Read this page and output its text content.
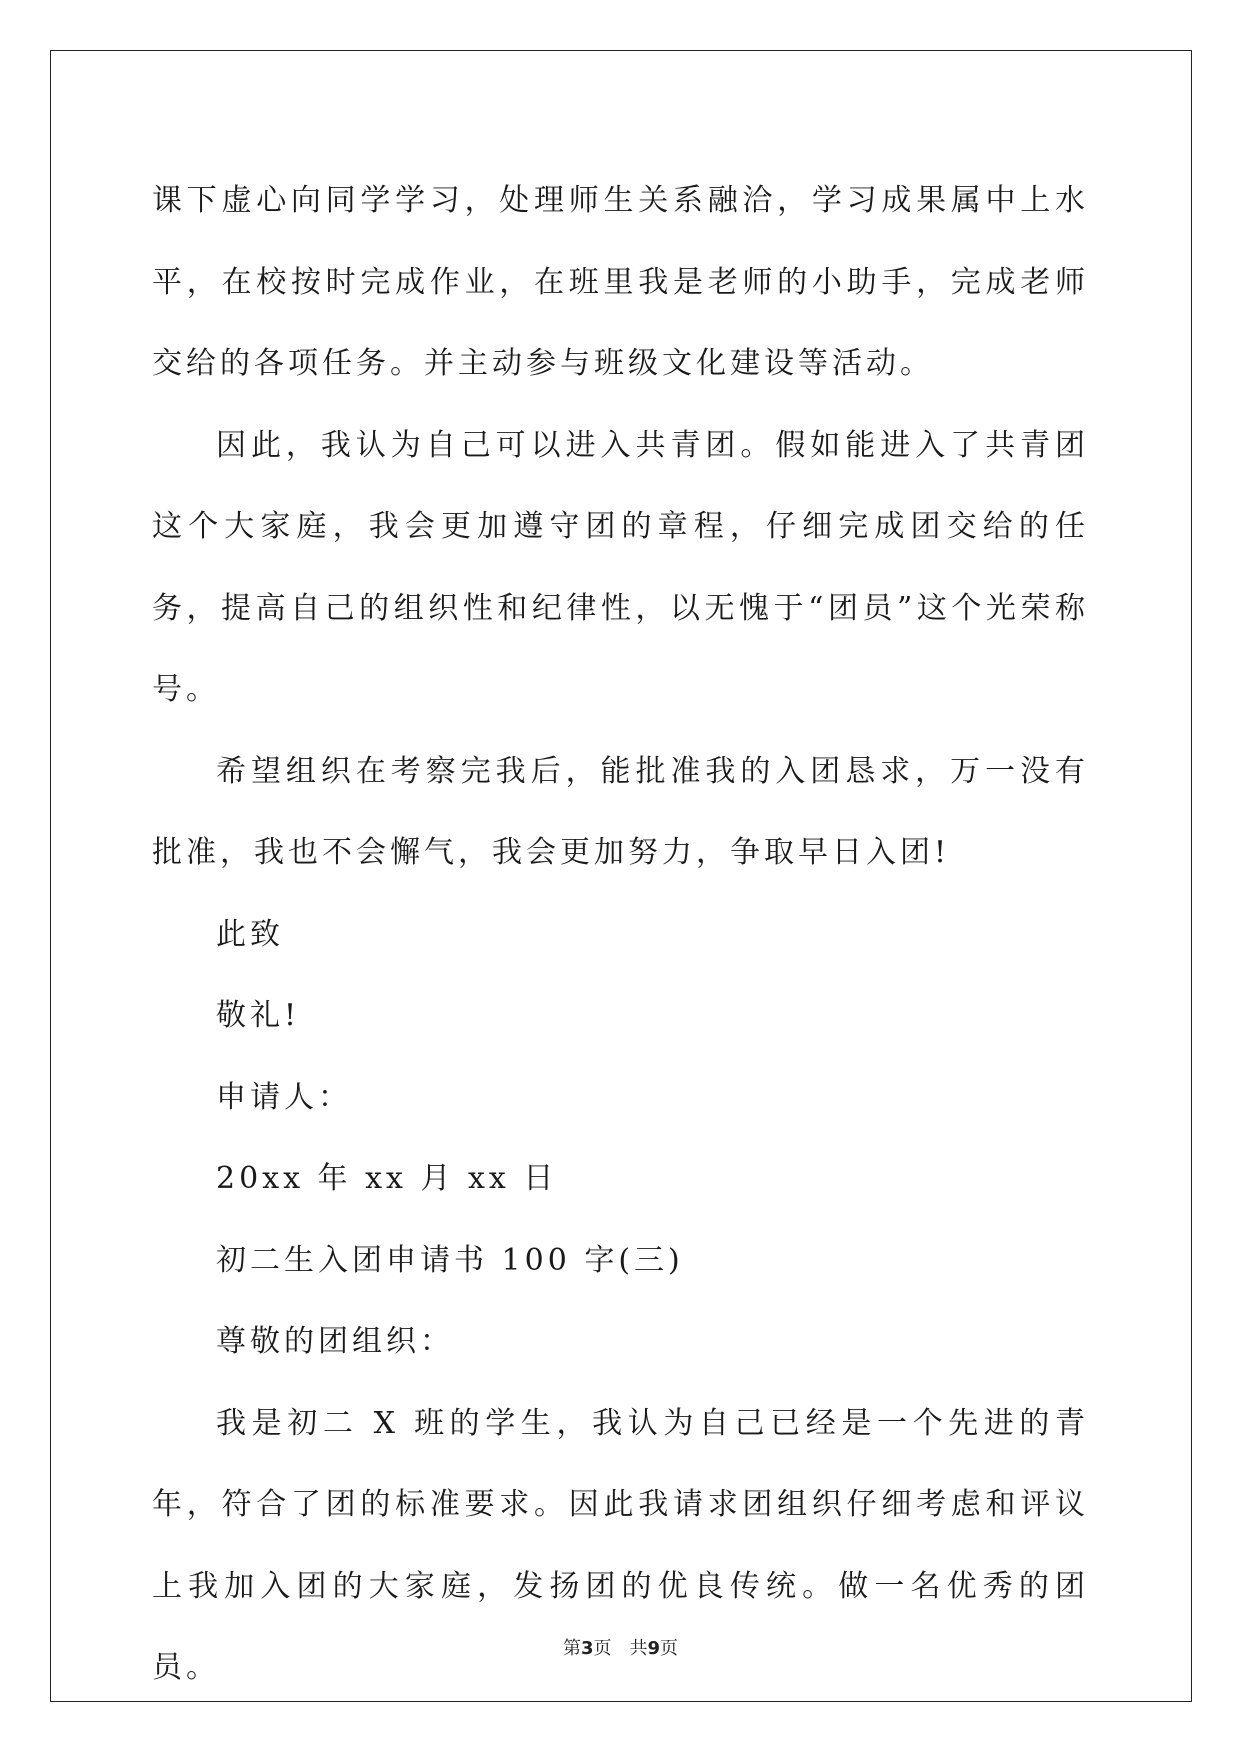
课下虚心向同学学习，处理师生关系融洽，学习成果属中上水平，在校按时完成作业，在班里我是老师的小助手，完成老师交给的各项任务。并主动参与班级文化建设等活动。

因此，我认为自己可以进入共青团。假如能进入了共青团这个大家庭，我会更加遵守团的章程，仔细完成团交给的任务，提高自己的组织性和纪律性，以无愧于“团员”这个光荣称号。

希望组织在考察完我后，能批准我的入团恳求，万一没有批准，我也不会懈气，我会更加努力，争取早日入团!

此致

敬礼!

申请人：

20xx 年 xx 月 xx 日

初二生入团申请书 100 字(三)

尊敬的团组织：

我是初二 X 班的学生，我认为自己已经是一个先进的青年，符合了团的标准要求。因此我请求团组织仔细考虑和评议上我加入团的大家庭，发扬团的优良传统。做一名优秀的团员。

第3页 共9页
